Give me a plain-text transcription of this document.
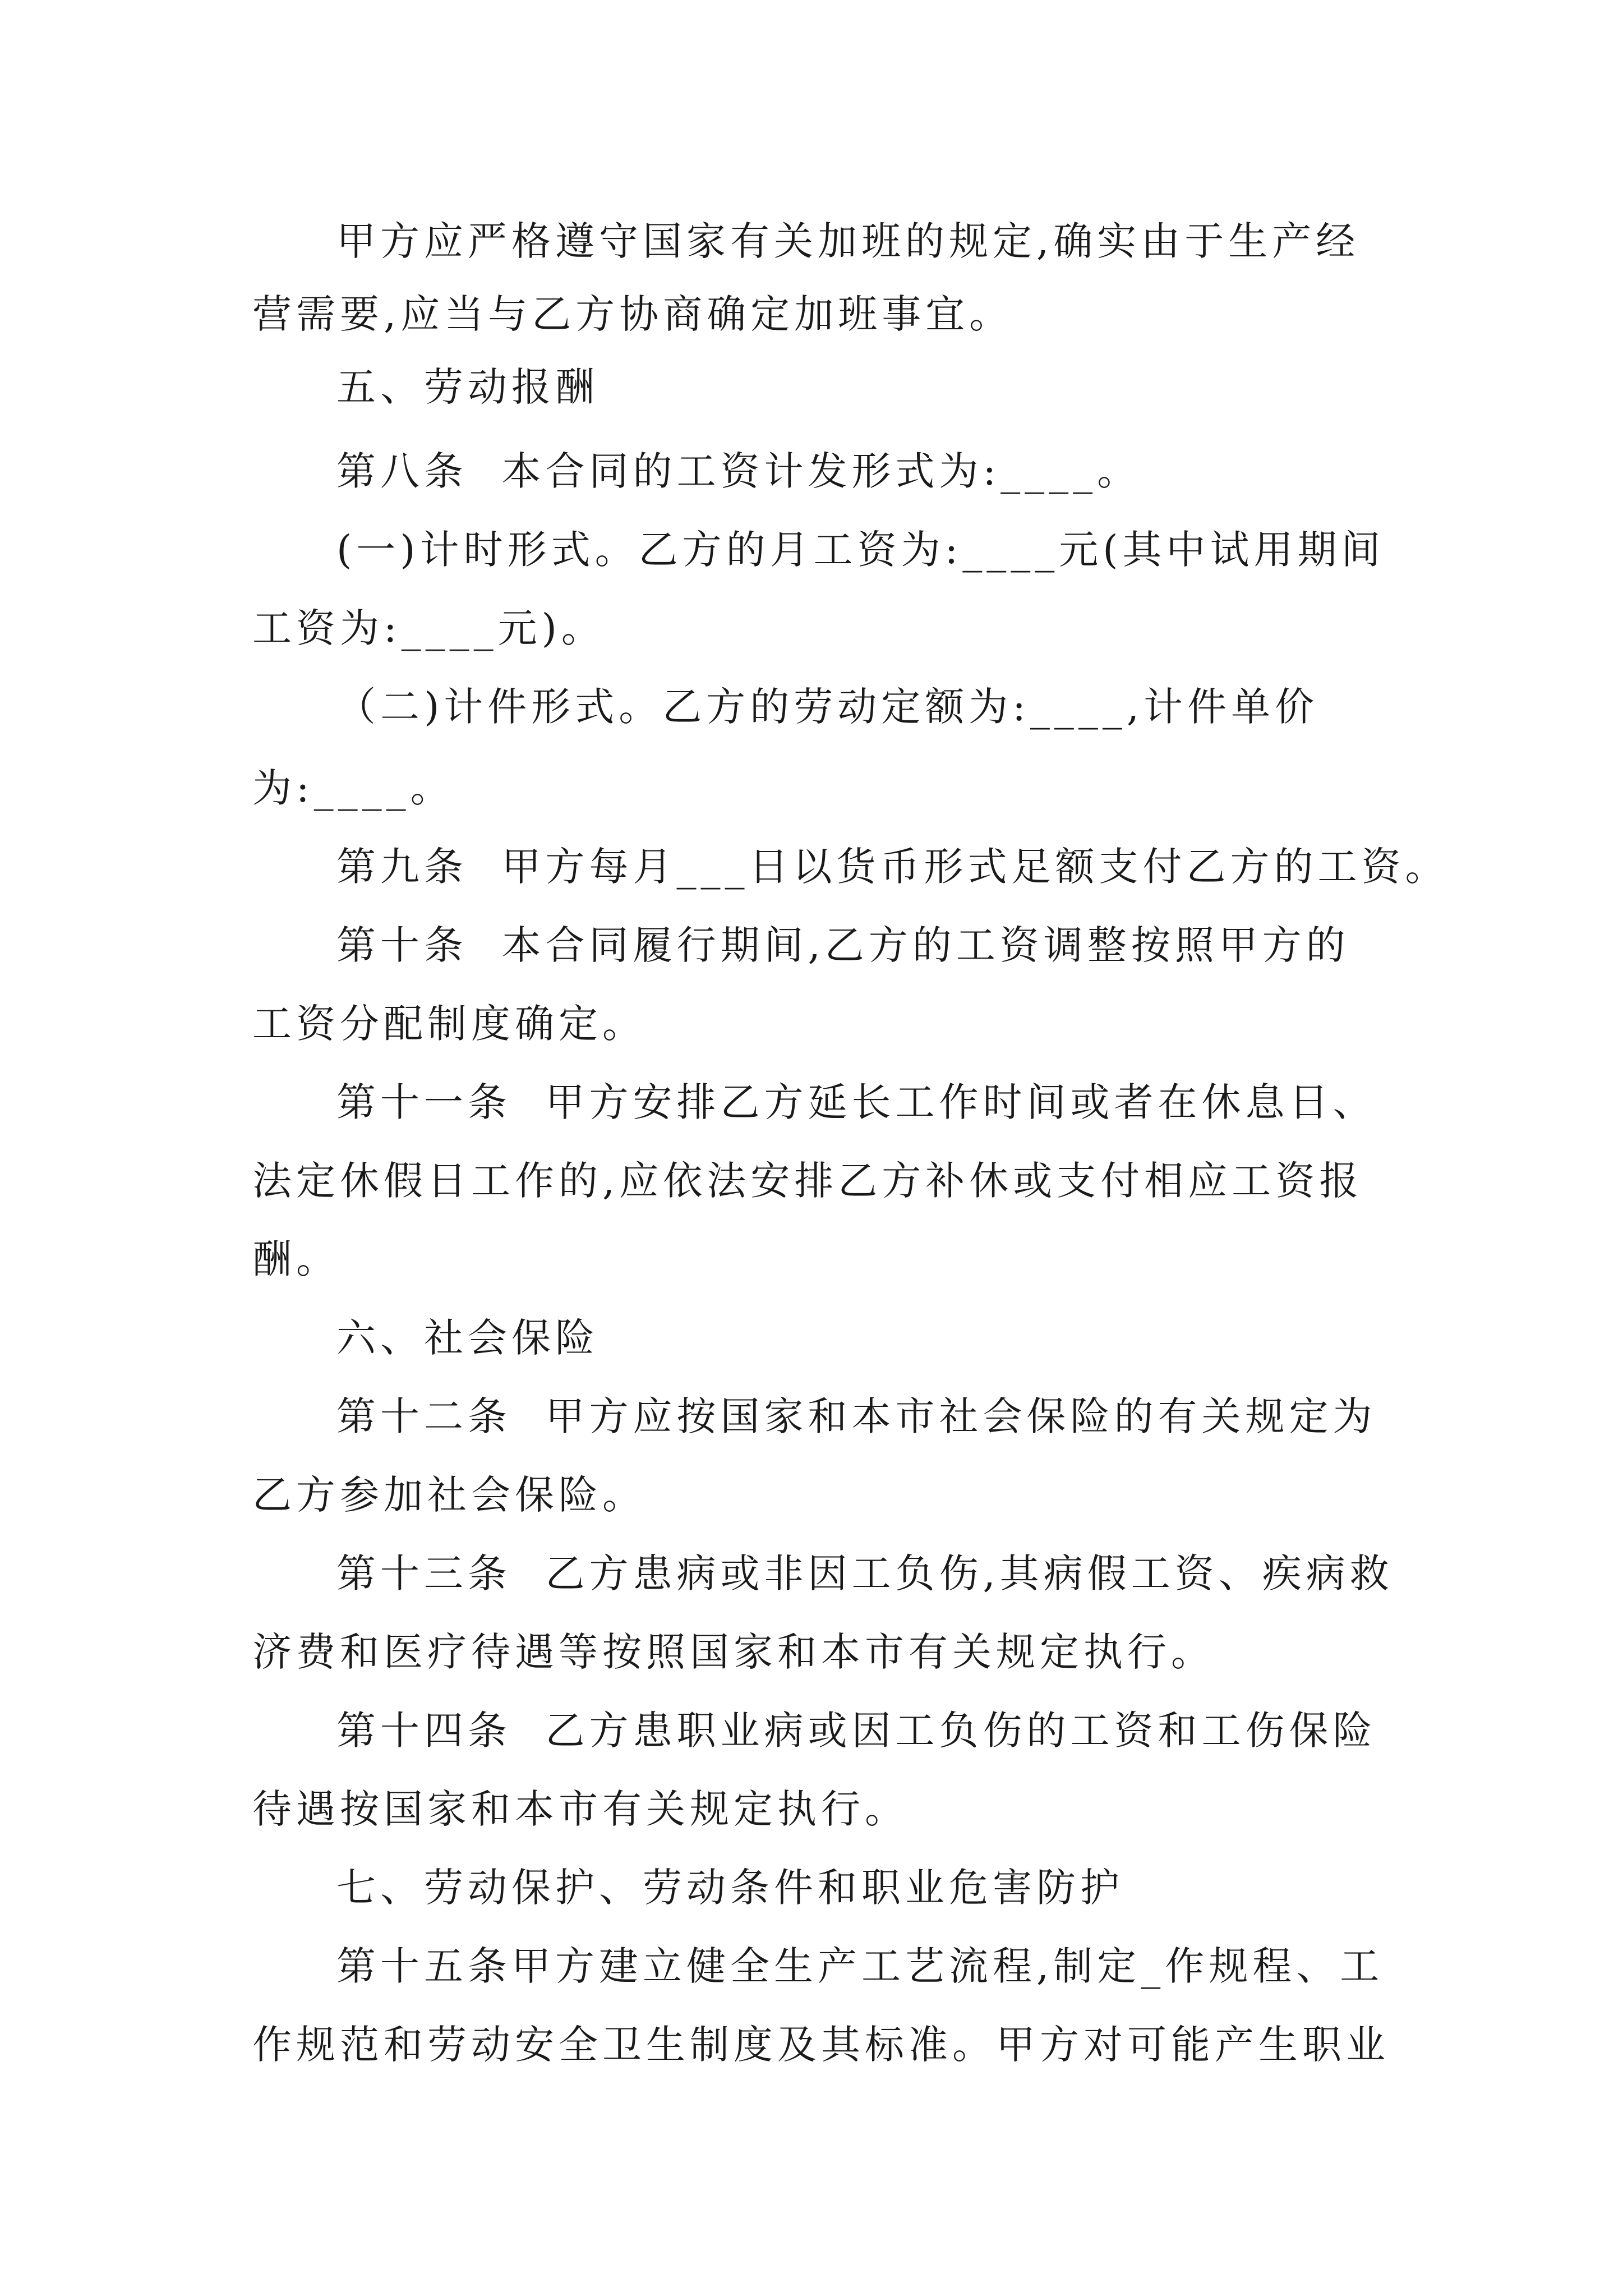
甲方应严格遵守国家有关加班的规定,确实由于生产经
营需要,应当与乙方协商确定加班事宜。
五、劳动报酬
第八条  本合同的工资计发形式为:____。
(一)计时形式。乙方的月工资为:____元(其中试用期间
工资为:____元)。
（二)计件形式。乙方的劳动定额为:____,计件单价
为:____。
第九条  甲方每月___日以货币形式足额支付乙方的工资。
第十条  本合同履行期间,乙方的工资调整按照甲方的
工资分配制度确定。
第十一条  甲方安排乙方延长工作时间或者在休息日、
法定休假日工作的,应依法安排乙方补休或支付相应工资报
酬。
六、社会保险
第十二条  甲方应按国家和本市社会保险的有关规定为
乙方参加社会保险。
第十三条  乙方患病或非因工负伤,其病假工资、疾病救
济费和医疗待遇等按照国家和本市有关规定执行。
第十四条  乙方患职业病或因工负伤的工资和工伤保险
待遇按国家和本市有关规定执行。
七、劳动保护、劳动条件和职业危害防护
第十五条甲方建立健全生产工艺流程,制定_作规程、工
作规范和劳动安全卫生制度及其标准。甲方对可能产生职业
